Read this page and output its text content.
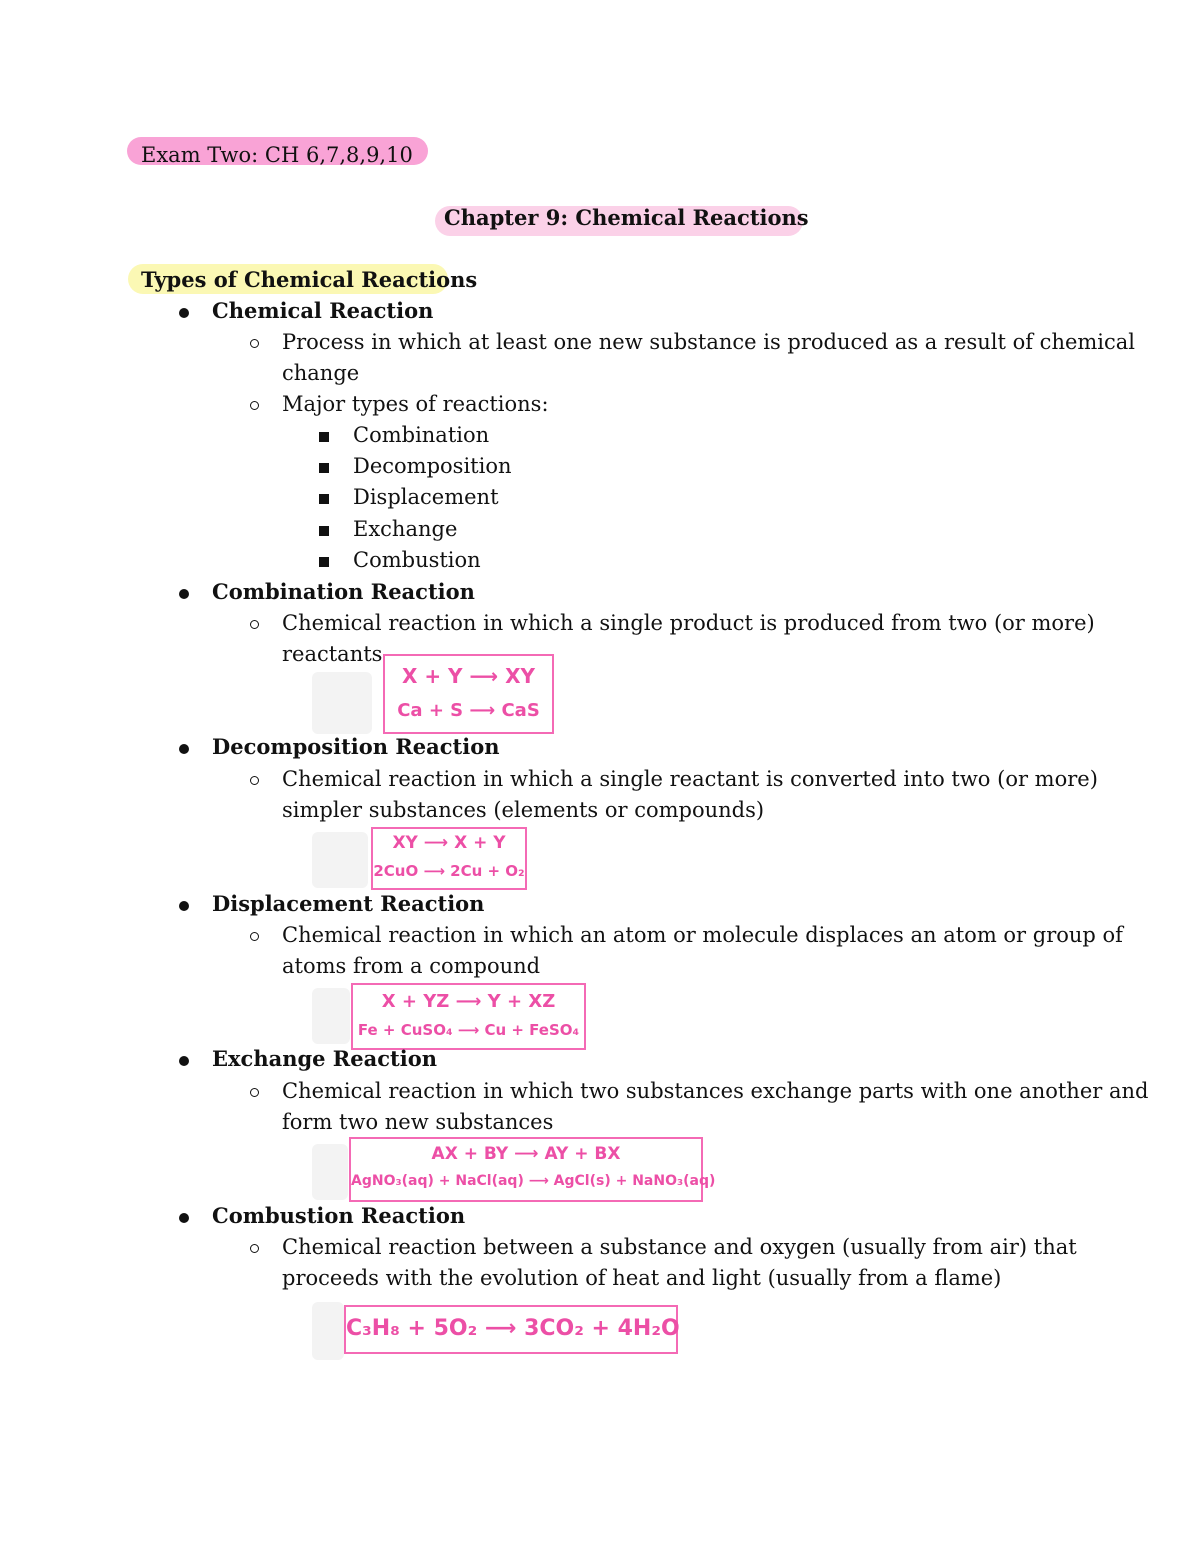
Exam Two: CH 6,7,8,9,10
Chapter 9: Chemical Reactions
Types of Chemical Reactions
Chemical Reaction
Process in which at least one new substance is produced as a result of chemical
change
Major types of reactions:
Combination
Decomposition
Displacement
Exchange
Combustion
Combination Reaction
Chemical reaction in which a single product is produced from two (or more)
reactants
X + Y ⟶ XY
Ca + S ⟶ CaS
Decomposition Reaction
Chemical reaction in which a single reactant is converted into two (or more)
simpler substances (elements or compounds)
XY ⟶ X + Y
2CuO ⟶ 2Cu + O₂
Displacement Reaction
Chemical reaction in which an atom or molecule displaces an atom or group of
atoms from a compound
X + YZ ⟶ Y + XZ
Fe + CuSO₄ ⟶ Cu + FeSO₄
Exchange Reaction
Chemical reaction in which two substances exchange parts with one another and
form two new substances
AX + BY ⟶ AY + BX
AgNO₃(aq) + NaCl(aq) ⟶ AgCl(s) + NaNO₃(aq)
Combustion Reaction
Chemical reaction between a substance and oxygen (usually from air) that
proceeds with the evolution of heat and light (usually from a flame)
C₃H₈ + 5O₂ ⟶ 3CO₂ + 4H₂O
